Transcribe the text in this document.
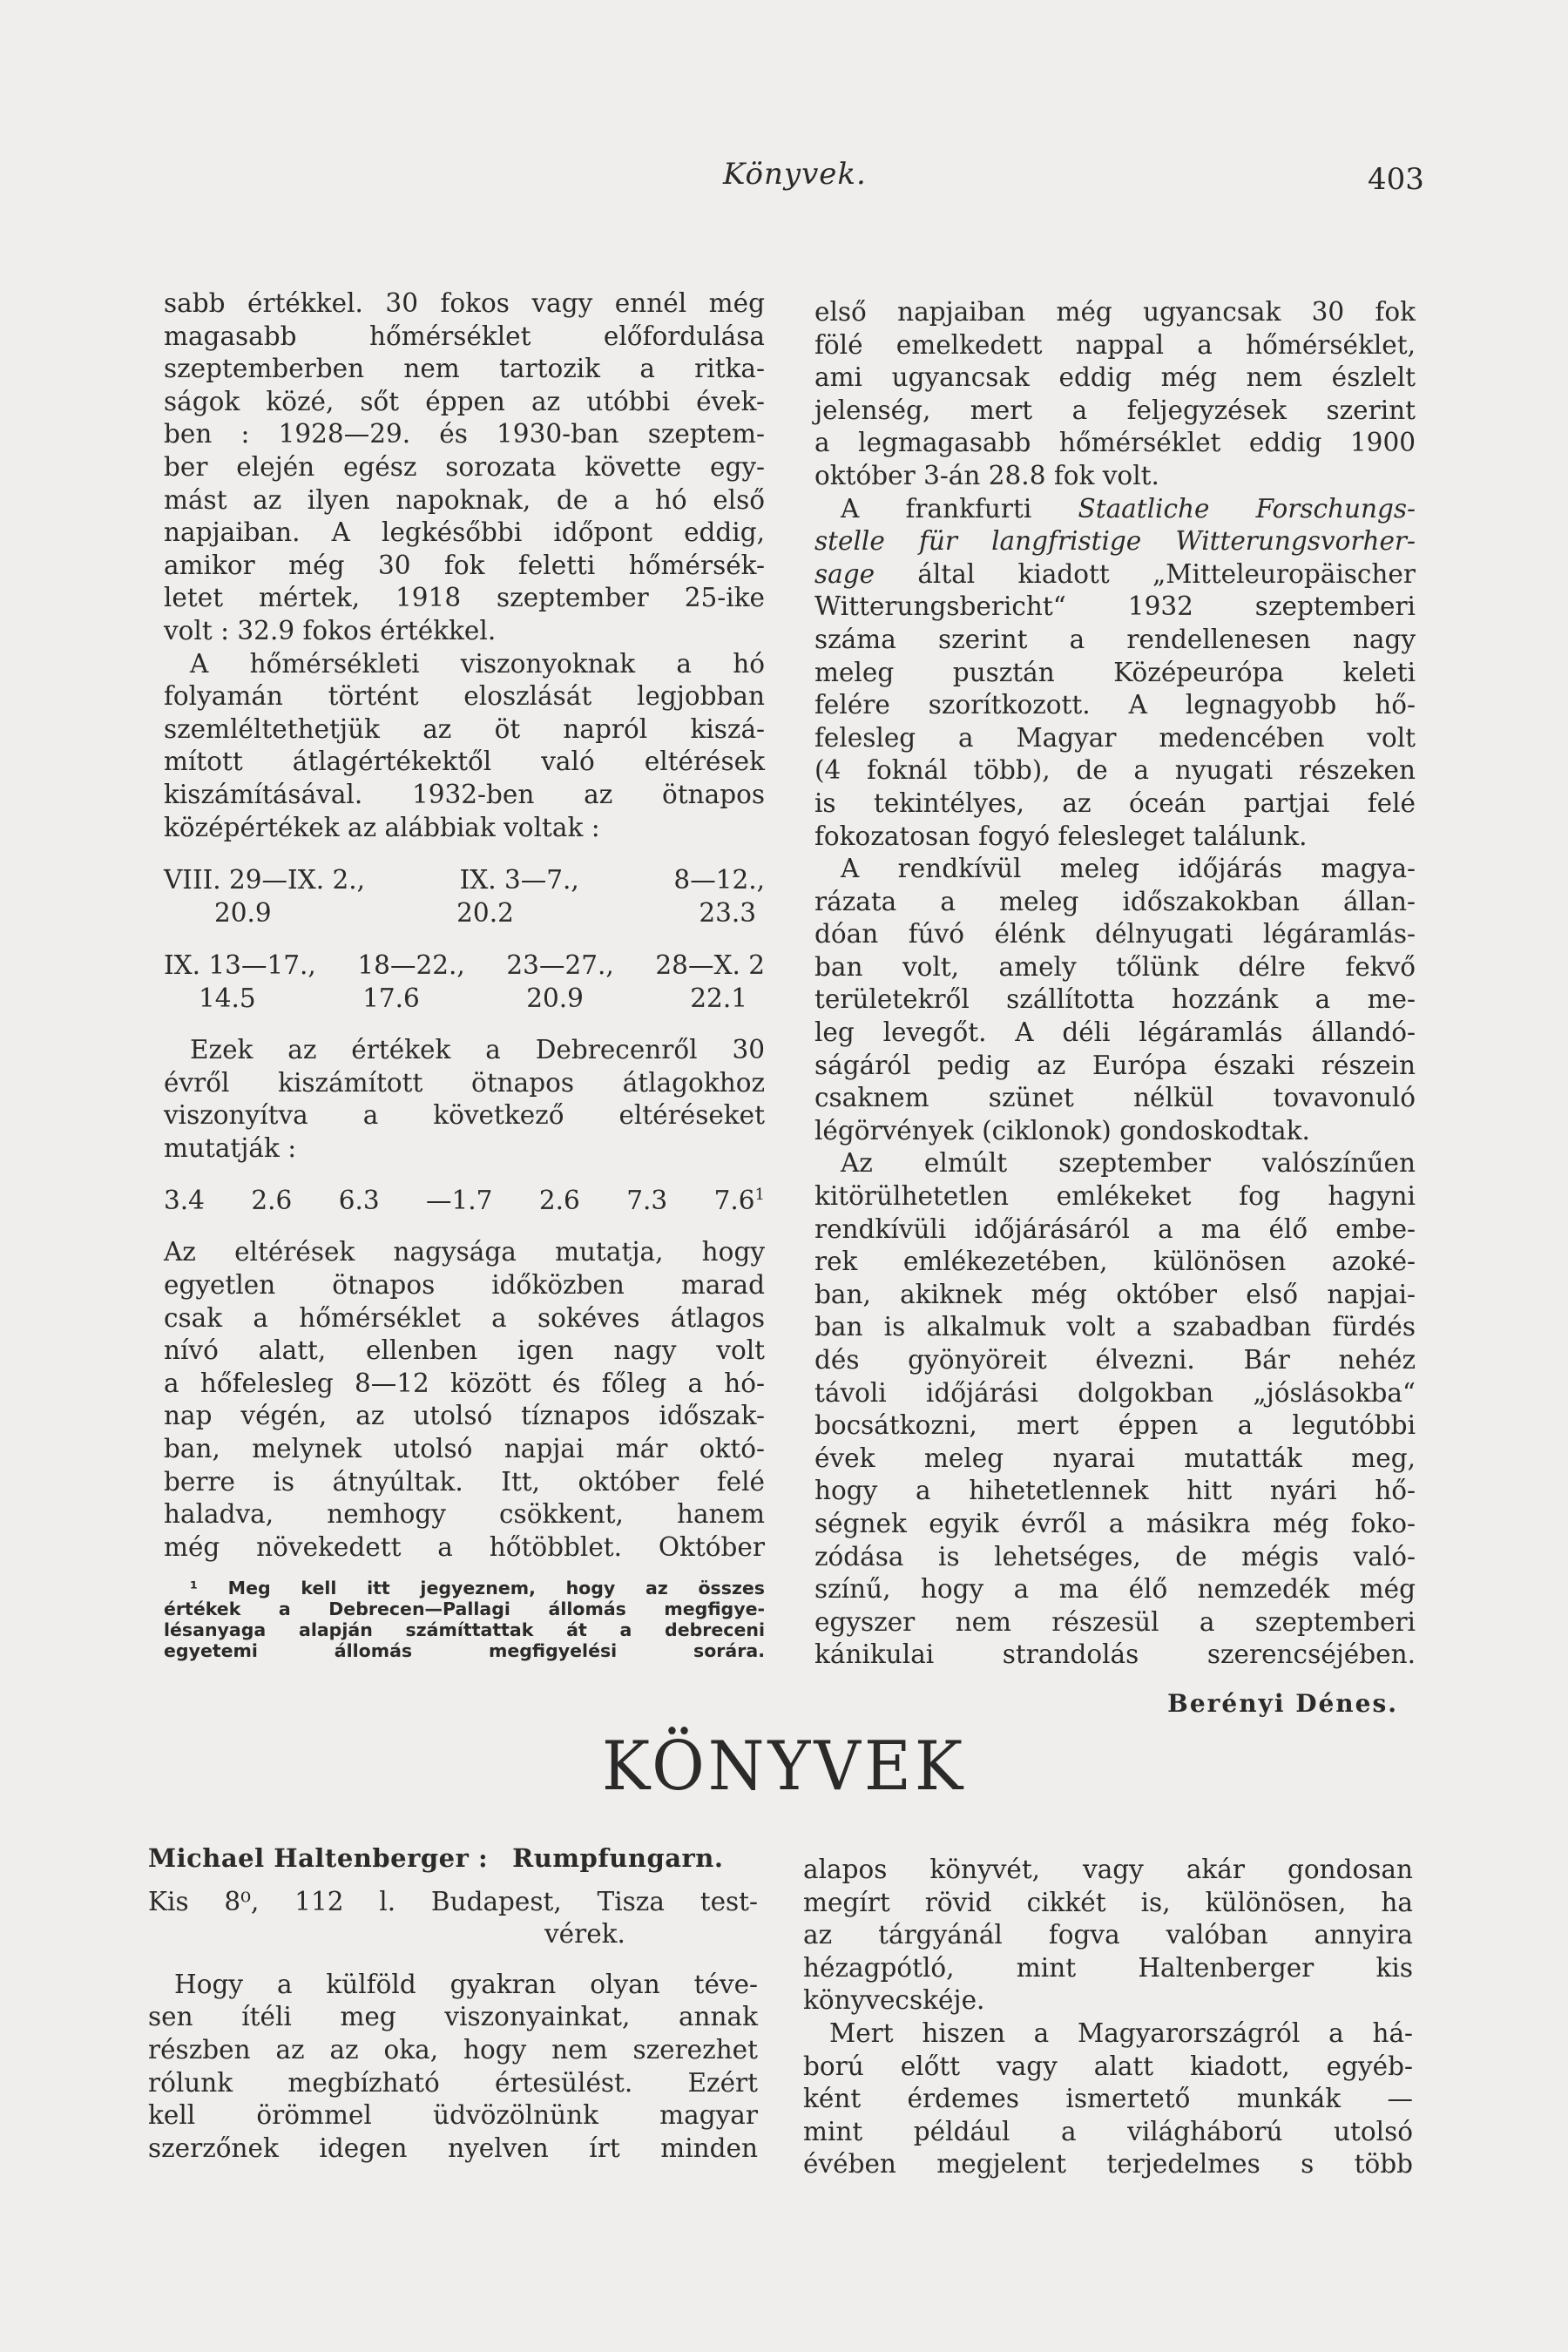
Könyvek.	403

sabb értékkel. 30 fokos vagy ennél még
magasabb hőmérséklet előfordulása
szeptemberben nem tartozik a ritka-
ságok közé, sőt éppen az utóbbi évek-
ben : 1928—29. és 1930-ban szeptem-
ber elején egész sorozata követte egy-
mást az ilyen napoknak, de a hó első
napjaiban. A legkésőbbi időpont eddig,
amikor még 30 fok feletti hőmérsék-
letet mértek, 1918 szeptember 25-ike
volt : 32.9 fokos értékkel.

A hőmérsékleti viszonyoknak a hó

folyamán történt eloszlását legjobban
szemléltethetjük az öt napról kiszá-
mított átlagértékektől való eltérések
kiszámításával. 1932-ben az ötnapos
középértékek az alábbiak voltak :

VIII. 29—IX. 2.,	IX. 3—7.,	8—12.,
20.9	20.2	23.3
IX. 13—17., 18—22., 23—27., 28—X. 2
14.5	17.6	20.9	22.1

Ezek az értékek a Debrecenről 30

évről kiszámított ötnapos átlagokhoz
viszonyítva a következő eltéréseket
mutatják :

3.4 2.6 6.3 —1.7 2.6 7.3 $7.6^1$

Az eltérések nagysága mutatja, hogy
egyetlen ötnapos időközben marad
csak a hőmérséklet a sokéves átlagos
nívó alatt, ellenben igen nagy volt
a hőfelesleg 8—12 között és főleg a hó-
nap végén, az utolsó tíznapos időszak-
ban, melynek utolsó napjai már októ-
berre is átnyúltak. Itt, október felé
haladva, nemhogy csökkent, hanem
még növekedett a hőtöbblet. Október

¹ Meg kell itt jegyeznem, hogy az összes
értékek a Debrecen—Pallagi állomás megfigye-
lésanyaga alapján számíttattak át a debreceni
egyetemi állomás megfigyelési sorára.

első napjaiban még ugyancsak 30 fok
fölé emelkedett nappal a hőmérséklet,
ami ugyancsak eddig még nem észlelt
jelenség, mert a feljegyzések szerint
a legmagasabb hőmérséklet eddig 1900
október 3-án 28.8 fok volt.

A frankfurti Staatliche Forschungs-
stelle für langfristige Witterungsvorher-
sage által kiadott „Mitteleuropäischer
Witterungsbericht“ 1932 szeptemberi
száma szerint a rendellenesen nagy
meleg pusztán Középeurópa keleti
felére szorítkozott. A legnagyobb hő-
felesleg a Magyar medencében volt
(4 foknál több), de a nyugati részeken
is tekintélyes, az óceán partjai felé
fokozatosan fogyó felesleget találunk.

A rendkívül meleg időjárás magya-
rázata a meleg időszakokban állan-
dóan fúvó élénk délnyugati légáramlás-
ban volt, amely tőlünk délre fekvő
területekről szállította hozzánk a me-
leg levegőt. A déli légáramlás állandó-
ságáról pedig az Európa északi részein
csaknem szünet nélkül tovavonuló
légörvények (ciklonok) gondoskodtak.

Az elmúlt szeptember valószínűen
kitörülhetetlen emlékeket fog hagyni
rendkívüli időjárásáról a ma élő embe-
rek emlékezetében, különösen azoké-
ban, akiknek még október első napjai-
ban is alkalmuk volt a szabadban fürdés
dés gyönyöreit élvezni. Bár nehéz
távoli időjárási dolgokban „jóslásokba“
bocsátkozni, mert éppen a legutóbbi
évek meleg nyarai mutatták meg,
hogy a hihetetlennek hitt nyári hő-
ségnek egyik évről a másikra még foko-
zódása is lehetséges, de mégis való-
színű, hogy a ma élő nemzedék még
egyszer nem részesül a szeptemberi
kánikulai strandolás szerencséjében.

Berényi Dénes.
KÖNYVEK
Michael Haltenberger : Rumpfungarn.

Kis 8⁰, 112 l. Budapest, Tisza test-
vérek.

Hogy a külföld gyakran olyan téve-
sen ítéli meg viszonyainkat, annak
részben az az oka, hogy nem szerezhet
rólunk megbízható értesülést. Ezért
kell örömmel üdvözölnünk magyar
szerzőnek idegen nyelven írt minden

alapos könyvét, vagy akár gondosan
megírt rövid cikkét is, különösen, ha
az tárgyánál fogva valóban annyira
hézagpótló, mint Haltenberger kis
könyvecskéje.

Mert hiszen a Magyarországról a há-
ború előtt vagy alatt kiadott, egyéb-
ként érdemes ismertető munkák —
mint például a világháború utolsó
évében megjelent terjedelmes s több
